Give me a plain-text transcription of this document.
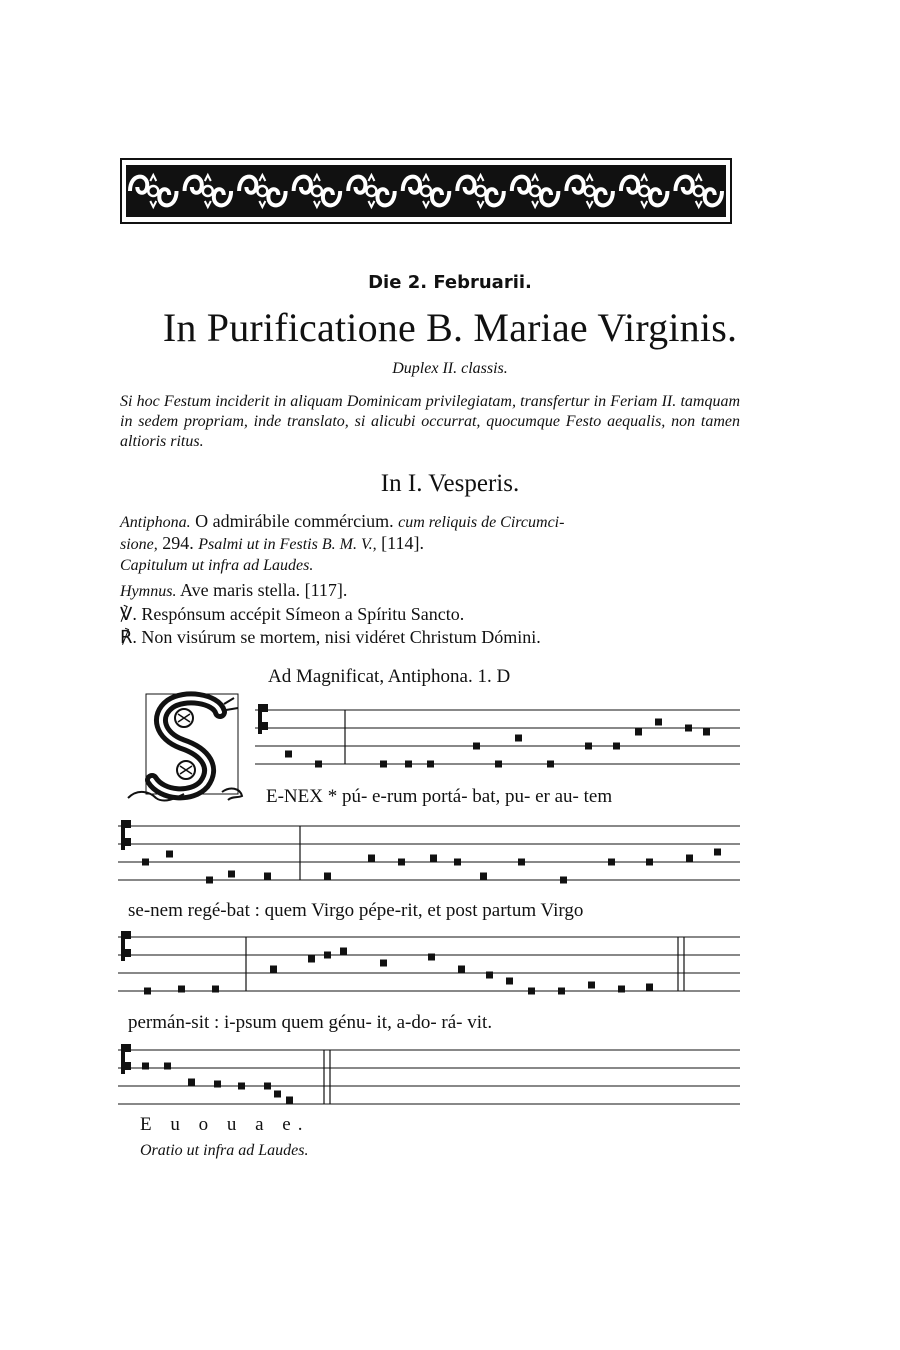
Die 2. Februarii.
In Purificatione B. Mariae Virginis.
Duplex II. classis.
Si hoc Festum inciderit in aliquam Dominicam privilegiatam, transfertur in Feriam II. tamquam in sedem propriam, inde translato, si alicubi occurrat, quocumque Festo aequalis, non tamen altioris ritus.
In I. Vesperis.
Antiphona. O admirábile commércium. cum reliquis de Circumci-
sione, 294. Psalmi ut in Festis B. M. V., [114].
Capitulum ut infra ad Laudes.
Hymnus. Ave maris stella. [117].
℣. Respónsum accépit Símeon a Spíritu Sancto.
℟. Non visúrum se mortem, nisi vidéret Christum Dómini.
Ad Magnificat, Antiphona. 1. D
E-NEX * pú- e-rum portá- bat, pu- er au- tem
se-nem regé-bat : quem Virgo pépe-rit, et post partum Virgo
permán-sit : i-psum quem génu- it, a-do- rá- vit.
E u o u a e.
Oratio ut infra ad Laudes.
